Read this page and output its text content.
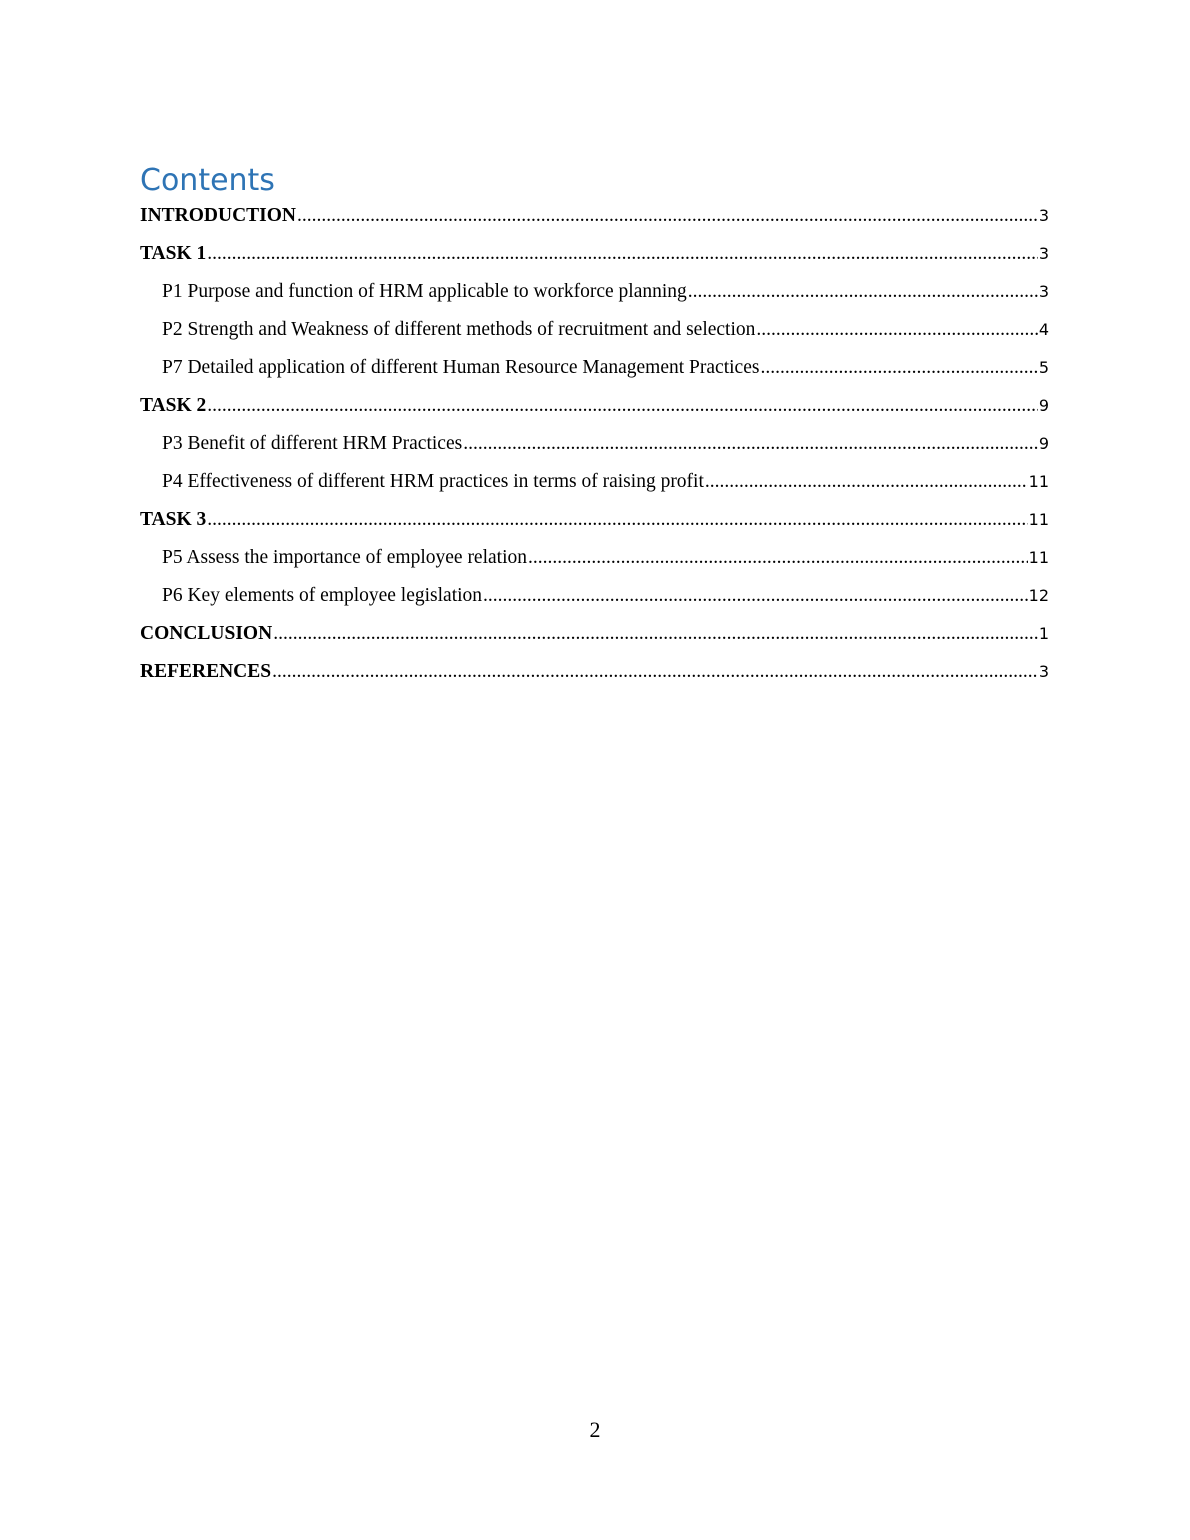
Contents
INTRODUCTION .....	3
TASK 1 .....	3
P1 Purpose and function of HRM applicable to workforce planning .....	3
P2 Strength and Weakness of different methods of recruitment and selection .....	4
P7 Detailed application of different Human Resource Management Practices .....	5
TASK 2 .....	9
P3 Benefit of different HRM Practices .....	9
P4 Effectiveness of different HRM practices in terms of raising profit .....	11
TASK 3 .....	11
P5 Assess the importance of employee relation .....	11
P6 Key elements of employee legislation .....	12
CONCLUSION .....	1
REFERENCES .....	3
2
